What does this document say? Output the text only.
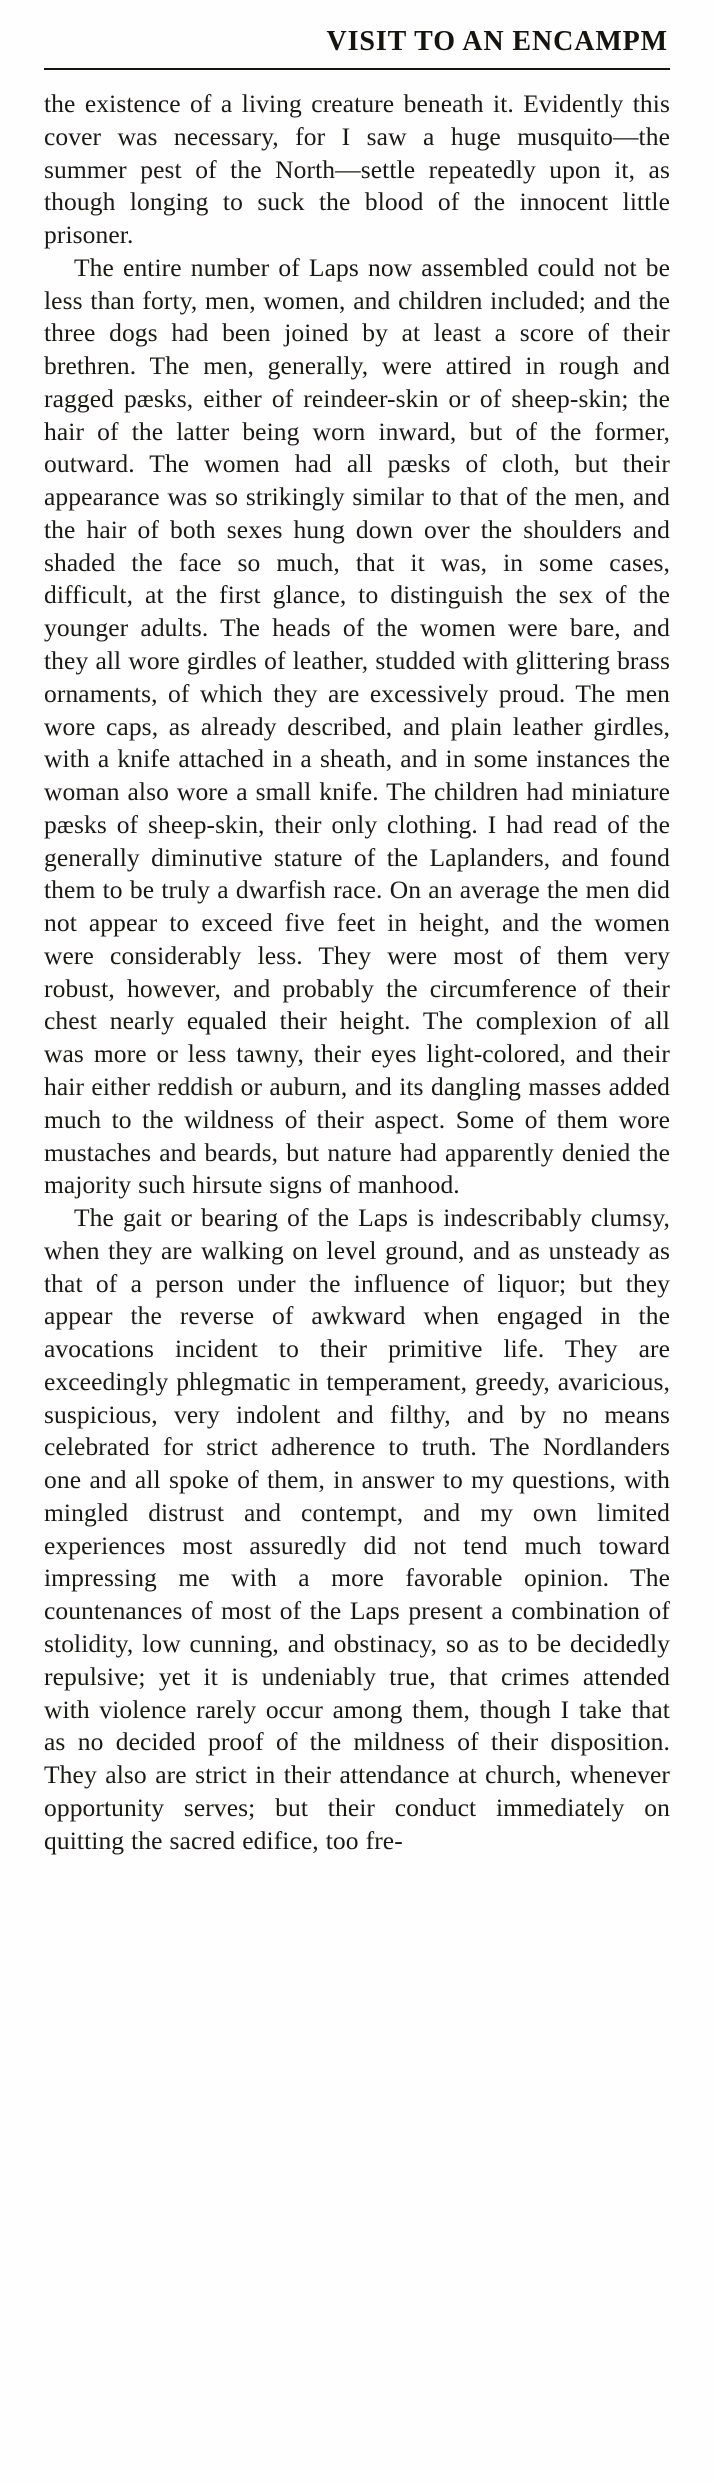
VISIT TO AN ENCAMPM

the existence of a living creature beneath it. Evidently this cover was necessary, for I saw a huge musquito—the summer pest of the North—settle repeatedly upon it, as though longing to suck the blood of the innocent little prisoner.

The entire number of Laps now assembled could not be less than forty, men, women, and children included; and the three dogs had been joined by at least a score of their brethren. The men, generally, were attired in rough and ragged pæsks, either of reindeer-skin or of sheep-skin; the hair of the latter being worn inward, but of the former, outward. The women had all pæsks of cloth, but their appearance was so strikingly similar to that of the men, and the hair of both sexes hung down over the shoulders and shaded the face so much, that it was, in some cases, difficult, at the first glance, to distinguish the sex of the younger adults. The heads of the women were bare, and they all wore girdles of leather, studded with glittering brass ornaments, of which they are excessively proud. The men wore caps, as already described, and plain leather girdles, with a knife attached in a sheath, and in some instances the woman also wore a small knife. The children had miniature pæsks of sheep-skin, their only clothing. I had read of the generally diminutive stature of the Laplanders, and found them to be truly a dwarfish race. On an average the men did not appear to exceed five feet in height, and the women were considerably less. They were most of them very robust, however, and probably the circumference of their chest nearly equaled their height. The complexion of all was more or less tawny, their eyes light-colored, and their hair either reddish or auburn, and its dangling masses added much to the wildness of their aspect. Some of them wore mustaches and beards, but nature had apparently denied the majority such hirsute signs of manhood.

The gait or bearing of the Laps is indescribably clumsy, when they are walking on level ground, and as unsteady as that of a person under the influence of liquor; but they appear the reverse of awkward when engaged in the avocations incident to their primitive life. They are exceedingly phlegmatic in temperament, greedy, avaricious, suspicious, very indolent and filthy, and by no means celebrated for strict adherence to truth. The Nordlanders one and all spoke of them, in answer to my questions, with mingled distrust and contempt, and my own limited experiences most assuredly did not tend much toward impressing me with a more favorable opinion. The countenances of most of the Laps present a combination of stolidity, low cunning, and obstinacy, so as to be decidedly repulsive; yet it is undeniably true, that crimes attended with violence rarely occur among them, though I take that as no decided proof of the mildness of their disposition. They also are strict in their attendance at church, whenever opportunity serves; but their conduct immediately on quitting the sacred edifice, too fre-
